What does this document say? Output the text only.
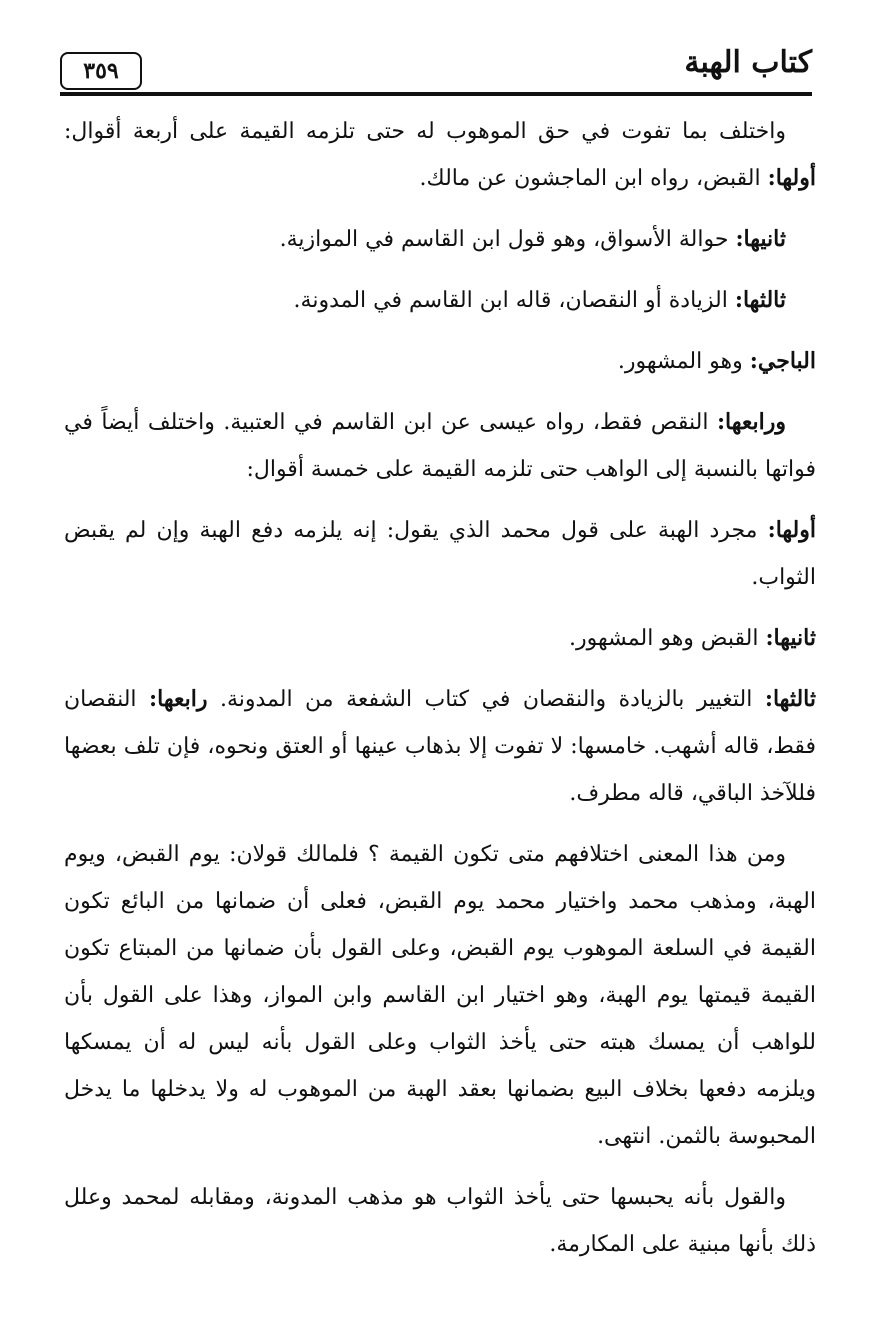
كتاب الهبة
٣٥٩

واختلف بما تفوت في حق الموهوب له حتى تلزمه القيمة على أربعة أقوال: أولها: القبض، رواه ابن الماجشون عن مالك.

ثانيها: حوالة الأسواق، وهو قول ابن القاسم في الموازية.

ثالثها: الزيادة أو النقصان، قاله ابن القاسم في المدونة.

الباجي: وهو المشهور.

ورابعها: النقص فقط، رواه عيسى عن ابن القاسم في العتبية. واختلف أيضاً في فواتها بالنسبة إلى الواهب حتى تلزمه القيمة على خمسة أقوال:

أولها: مجرد الهبة على قول محمد الذي يقول: إنه يلزمه دفع الهبة وإن لم يقبض الثواب.

ثانيها: القبض وهو المشهور.

ثالثها: التغيير بالزيادة والنقصان في كتاب الشفعة من المدونة. رابعها: النقصان فقط، قاله أشهب. خامسها: لا تفوت إلا بذهاب عينها أو العتق ونحوه، فإن تلف بعضها فللآخذ الباقي، قاله مطرف.

ومن هذا المعنى اختلافهم متى تكون القيمة ؟ فلمالك قولان: يوم القبض، ويوم الهبة، ومذهب محمد واختيار محمد يوم القبض، فعلى أن ضمانها من البائع تكون القيمة في السلعة الموهوب يوم القبض، وعلى القول بأن ضمانها من المبتاع تكون القيمة قيمتها يوم الهبة، وهو اختيار ابن القاسم وابن المواز، وهذا على القول بأن للواهب أن يمسك هبته حتى يأخذ الثواب وعلى القول بأنه ليس له أن يمسكها ويلزمه دفعها بخلاف البيع بضمانها بعقد الهبة من الموهوب له ولا يدخلها ما يدخل المحبوسة بالثمن. انتهى.

والقول بأنه يحبسها حتى يأخذ الثواب هو مذهب المدونة، ومقابله لمحمد وعلل ذلك بأنها مبنية على المكارمة.
